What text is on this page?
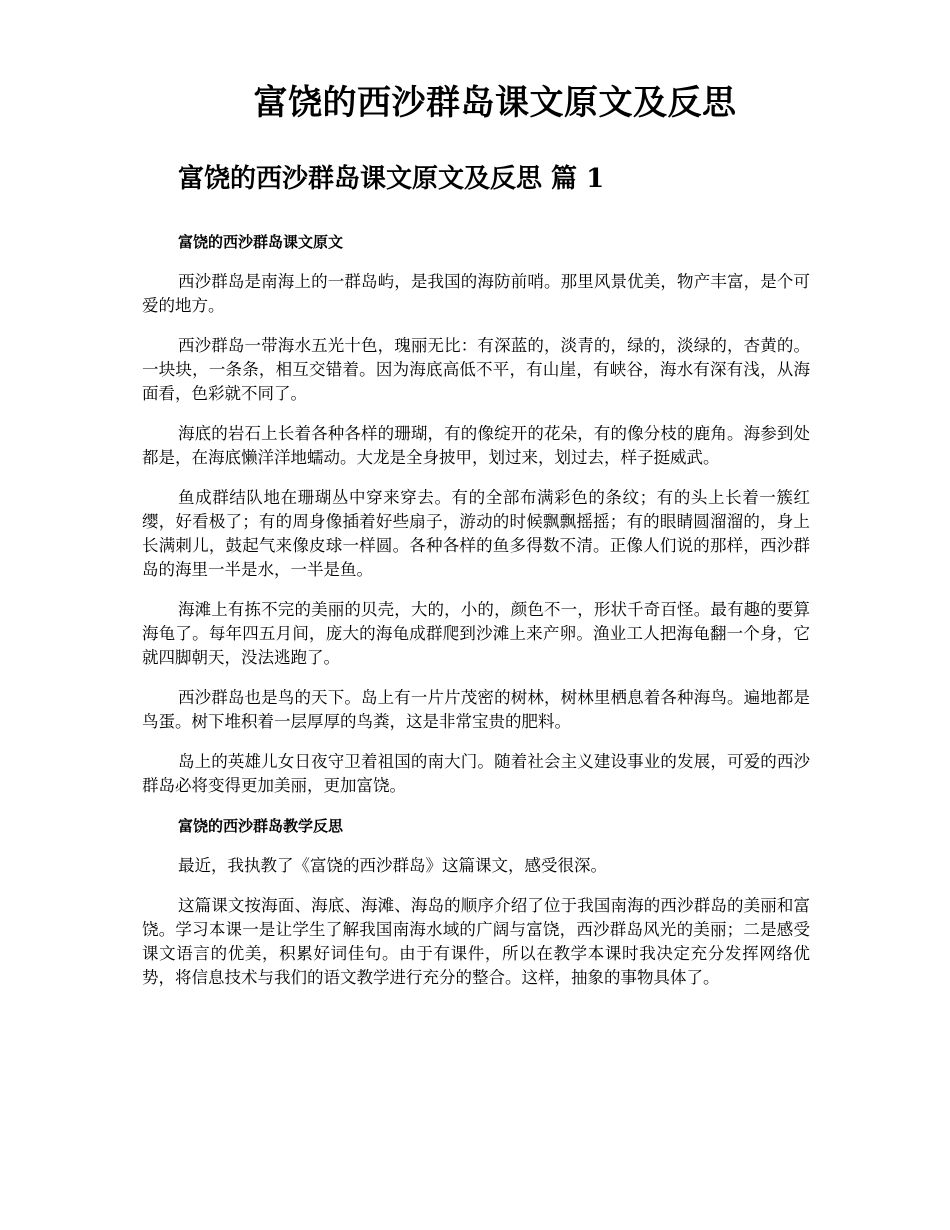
富饶的西沙群岛课文原文及反思
富饶的西沙群岛课文原文及反思 篇 1

富饶的西沙群岛课文原文

西沙群岛是南海上的一群岛屿，是我国的海防前哨。那里风景优美，物产丰富，是个可爱的地方。

西沙群岛一带海水五光十色，瑰丽无比：有深蓝的，淡青的，绿的，淡绿的，杏黄的。一块块，一条条，相互交错着。因为海底高低不平，有山崖，有峡谷，海水有深有浅，从海面看，色彩就不同了。

海底的岩石上长着各种各样的珊瑚，有的像绽开的花朵，有的像分枝的鹿角。海参到处都是，在海底懒洋洋地蠕动。大龙是全身披甲，划过来，划过去，样子挺威武。

鱼成群结队地在珊瑚丛中穿来穿去。有的全部布满彩色的条纹；有的头上长着一簇红缨，好看极了；有的周身像插着好些扇子，游动的时候飘飘摇摇；有的眼睛圆溜溜的，身上长满刺儿，鼓起气来像皮球一样圆。各种各样的鱼多得数不清。正像人们说的那样，西沙群岛的海里一半是水，一半是鱼。

海滩上有拣不完的美丽的贝壳，大的，小的，颜色不一，形状千奇百怪。最有趣的要算海龟了。每年四五月间，庞大的海龟成群爬到沙滩上来产卵。渔业工人把海龟翻一个身，它就四脚朝天，没法逃跑了。

西沙群岛也是鸟的天下。岛上有一片片茂密的树林，树林里栖息着各种海鸟。遍地都是鸟蛋。树下堆积着一层厚厚的鸟粪，这是非常宝贵的肥料。

岛上的英雄儿女日夜守卫着祖国的南大门。随着社会主义建设事业的发展，可爱的西沙群岛必将变得更加美丽，更加富饶。

富饶的西沙群岛教学反思

最近，我执教了《富饶的西沙群岛》这篇课文，感受很深。

这篇课文按海面、海底、海滩、海岛的顺序介绍了位于我国南海的西沙群岛的美丽和富饶。学习本课一是让学生了解我国南海水域的广阔与富饶，西沙群岛风光的美丽；二是感受课文语言的优美，积累好词佳句。由于有课件，所以在教学本课时我决定充分发挥网络优势，将信息技术与我们的语文教学进行充分的整合。这样，抽象的事物具体了。
